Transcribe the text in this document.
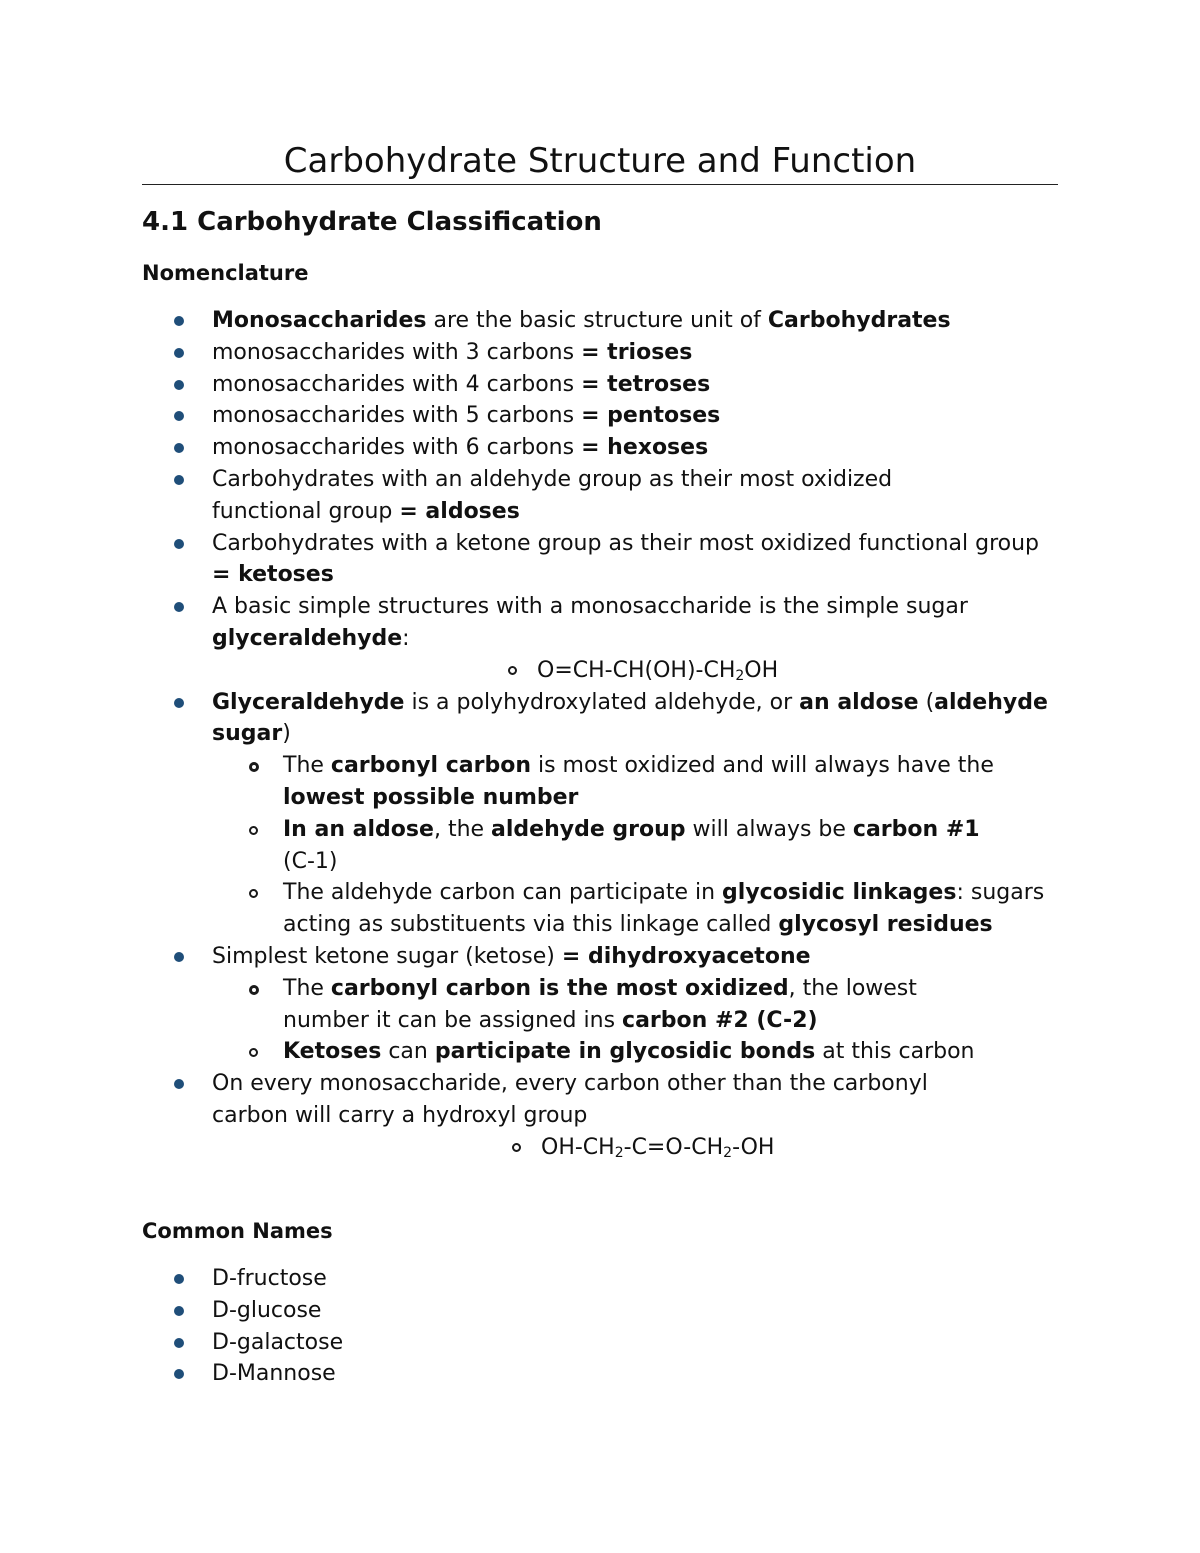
Carbohydrate Structure and Function
4.1 Carbohydrate Classification
Nomenclature
Monosaccharides are the basic structure unit of Carbohydrates
monosaccharides with 3 carbons = trioses
monosaccharides with 4 carbons = tetroses
monosaccharides with 5 carbons = pentoses
monosaccharides with 6 carbons = hexoses
Carbohydrates with an aldehyde group as their most oxidized functional group = aldoses
Carbohydrates with a ketone group as their most oxidized functional group = ketoses
A basic simple structures with a monosaccharide is the simple sugar glyceraldehyde:
$O=CH-CH(OH)-CH_2OH$
Glyceraldehyde is a polyhydroxylated aldehyde, or an aldose (aldehyde sugar)
The carbonyl carbon is most oxidized and will always have the lowest possible number
In an aldose, the aldehyde group will always be carbon #1 (C-1)
The aldehyde carbon can participate in glycosidic linkages: sugars acting as substituents via this linkage called glycosyl residues
Simplest ketone sugar (ketose) = dihydroxyacetone
The carbonyl carbon is the most oxidized, the lowest number it can be assigned ins carbon #2 (C-2)
Ketoses can participate in glycosidic bonds at this carbon
On every monosaccharide, every carbon other than the carbonyl carbon will carry a hydroxyl group
$OH-CH_2-C=O-CH_2-OH$
Common Names
D-fructose
D-glucose
D-galactose
D-Mannose
